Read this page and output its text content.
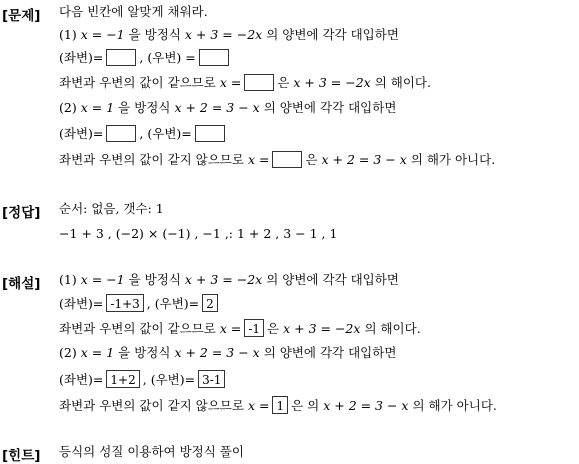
[문제] 다음 빈칸에 알맞게 채워라.
(1) x = −1 을 방정식 x + 3 = −2x 의 양변에 각각 대입하면
(좌변)=	, (우변) =
좌변과 우변의 값이 같으므로 x =	은 x + 3 = −2x 의 해이다.
(2) x = 1 을 방정식 x + 2 = 3 − x 의 양변에 각각 대입하면
(좌변)=	, (우변)=
좌변과 우변의 값이 같지 않으므로 x =	은 x + 2 = 3 − x 의 해가 아니다.
[정답] 순서: 없음, 갯수: 1
−1 + 3 , (−2) × (−1) , −1 ,: 1 + 2 , 3 − 1 , 1
[해설] (1) x = −1 을 방정식 x + 3 = −2x 의 양변에 각각 대입하면
(좌변)= -1+3 , (우변)= 2
좌변과 우변의 값이 같으므로 x = -1 은 x + 3 = −2x 의 해이다.
(2) x = 1 을 방정식 x + 2 = 3 − x 의 양변에 각각 대입하면
(좌변)= 1+2 , (우변)= 3-1
좌변과 우변의 값이 같지 않으므로 x = 1 은 의 x + 2 = 3 − x 의 해가 아니다.
[힌트] 등식의 성질 이용하여 방정식 풀이
